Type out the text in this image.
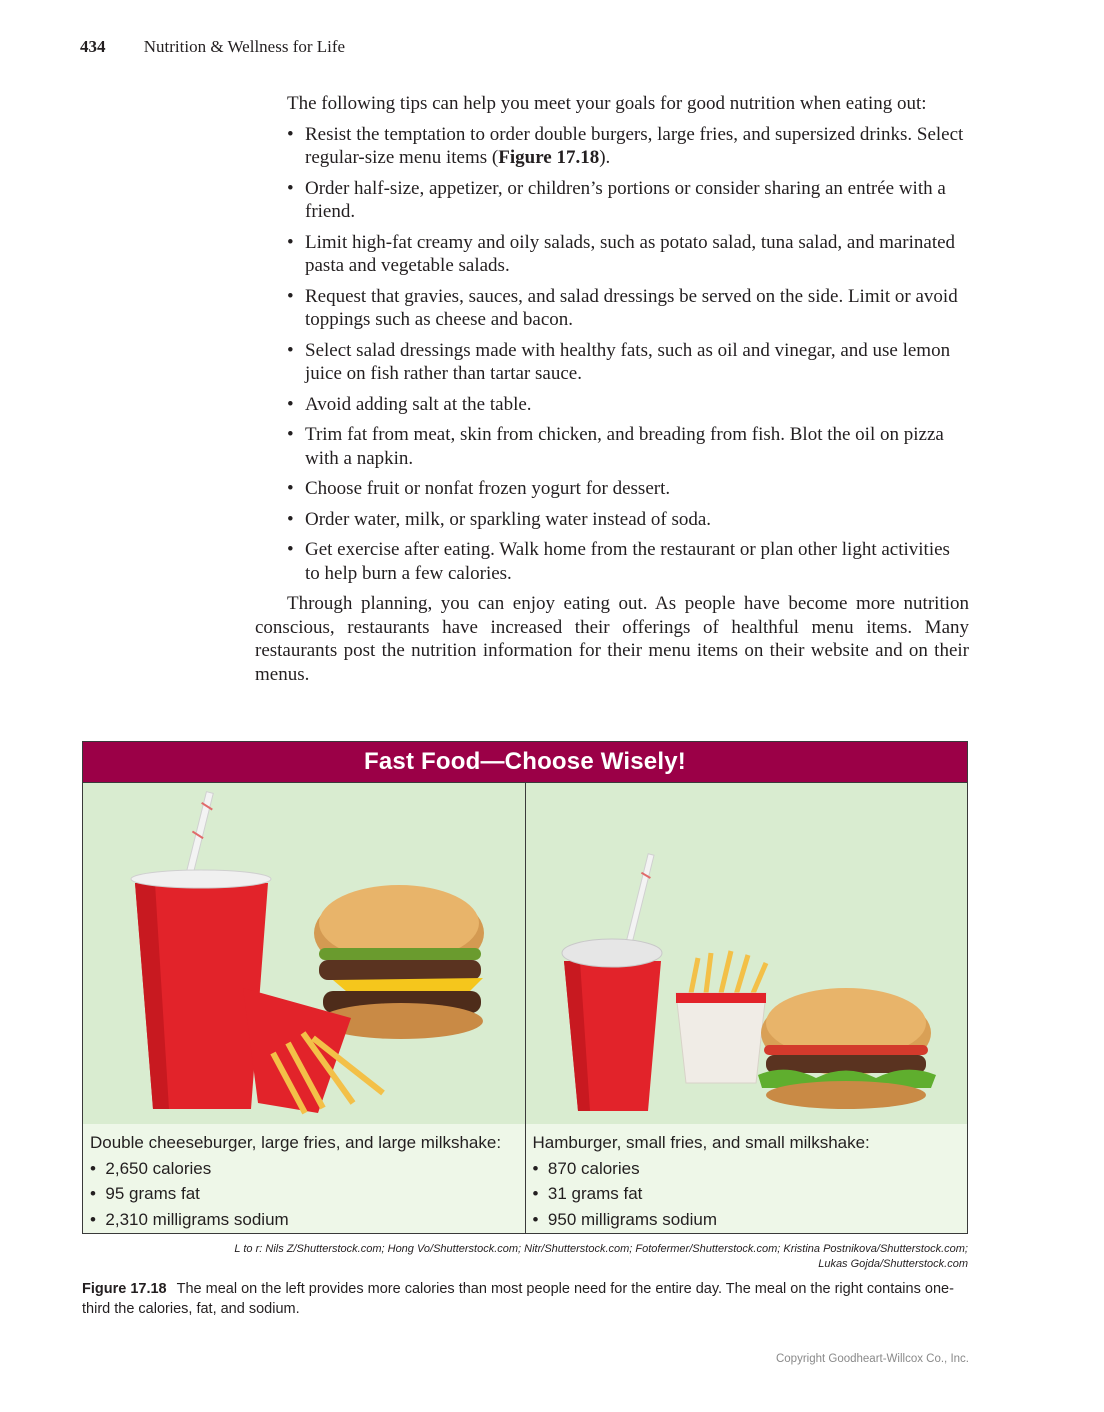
434 Nutrition & Wellness for Life

The following tips can help you meet your goals for good nutrition when eating out:

• Resist the temptation to order double burgers, large fries, and supersized drinks. Select regular-size menu items (Figure 17.18).
• Order half-size, appetizer, or children’s portions or consider sharing an entrée with a friend.
• Limit high-fat creamy and oily salads, such as potato salad, tuna salad, and marinated pasta and vegetable salads.
• Request that gravies, sauces, and salad dressings be served on the side. Limit or avoid toppings such as cheese and bacon.
• Select salad dressings made with healthy fats, such as oil and vinegar, and use lemon juice on fish rather than tartar sauce.
• Avoid adding salt at the table.
• Trim fat from meat, skin from chicken, and breading from fish. Blot the oil on pizza with a napkin.
• Choose fruit or nonfat frozen yogurt for dessert.
• Order water, milk, or sparkling water instead of soda.
• Get exercise after eating. Walk home from the restaurant or plan other light activities to help burn a few calories.

Through planning, you can enjoy eating out. As people have become more nutrition conscious, restaurants have increased their offerings of healthful menu items. Many restaurants post the nutrition information for their menu items on their website and on their menus.

Fast Food—Choose Wisely!
Double cheeseburger, large fries, and large milkshake:
•  2,650 calories
•  95 grams fat
•  2,310 milligrams sodium
Hamburger, small fries, and small milkshake:
•  870 calories
•  31 grams fat
•  950 milligrams sodium
L to r: Nils Z/Shutterstock.com; Hong Vo/Shutterstock.com; Nitr/Shutterstock.com; Fotofermer/Shutterstock.com; Kristina Postnikova/Shutterstock.com;
Lukas Gojda/Shutterstock.com
Figure 17.18 The meal on the left provides more calories than most people need for the entire day. The meal on the right contains one-third the calories, fat, and sodium.
Copyright Goodheart-Willcox Co., Inc.
